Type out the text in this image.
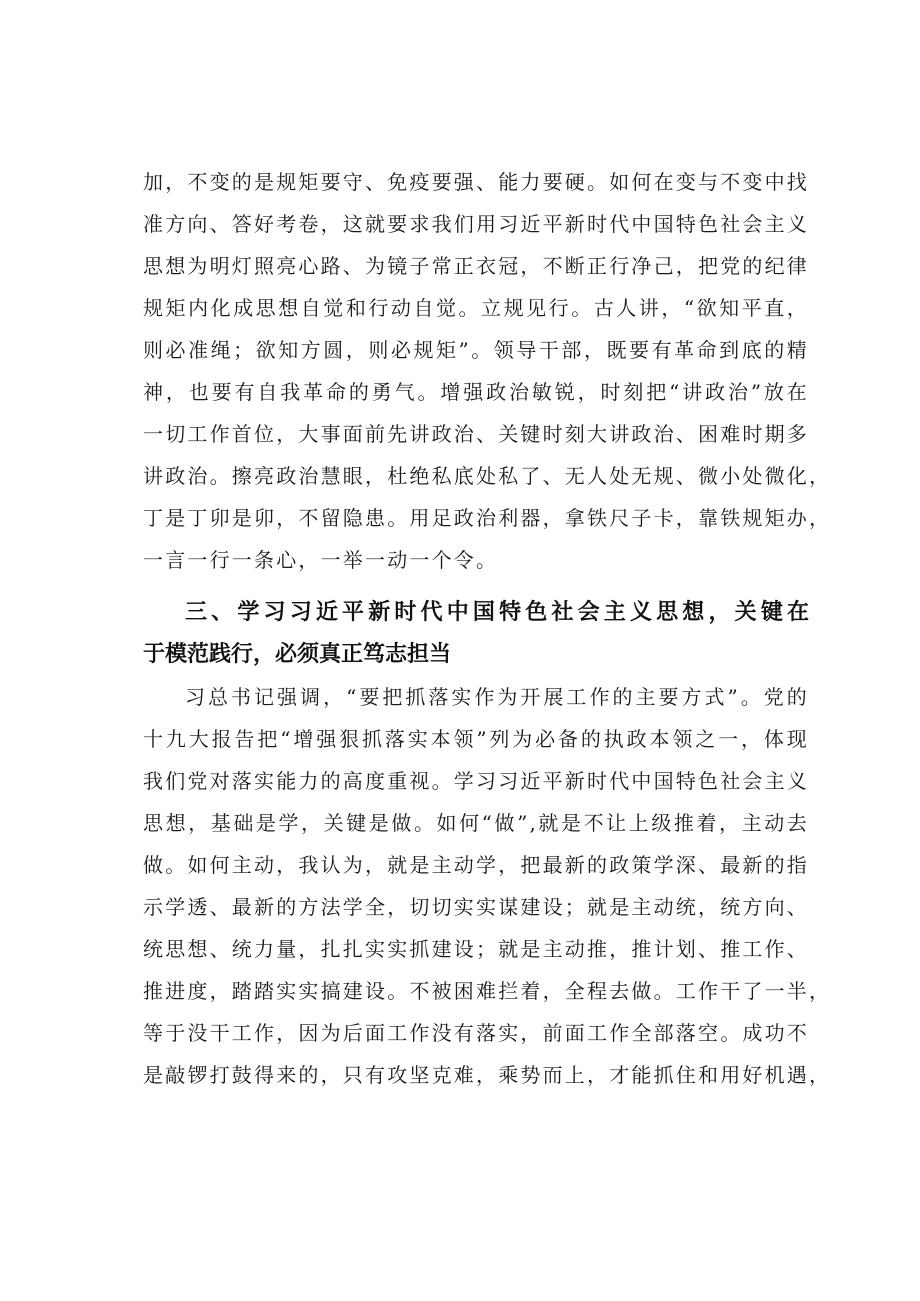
加，不变的是规矩要守、免疫要强、能力要硬。如何在变与不变中找
准方向、答好考卷，这就要求我们用习近平新时代中国特色社会主义
思想为明灯照亮心路、为镜子常正衣冠，不断正行净己，把党的纪律
规矩内化成思想自觉和行动自觉。立规见行。古人讲，“欲知平直，
则必准绳；欲知方圆，则必规矩”。领导干部，既要有革命到底的精
神，也要有自我革命的勇气。增强政治敏锐，时刻把“讲政治”放在
一切工作首位，大事面前先讲政治、关键时刻大讲政治、困难时期多
讲政治。擦亮政治慧眼，杜绝私底处私了、无人处无规、微小处微化，
丁是丁卯是卯，不留隐患。用足政治利器，拿铁尺子卡，靠铁规矩办，
一言一行一条心，一举一动一个令。
三、学习习近平新时代中国特色社会主义思想，关键在
于模范践行，必须真正笃志担当
习总书记强调，“要把抓落实作为开展工作的主要方式”。党的
十九大报告把“增强狠抓落实本领”列为必备的执政本领之一，体现
我们党对落实能力的高度重视。学习习近平新时代中国特色社会主义
思想，基础是学，关键是做。如何“做”,就是不让上级推着，主动去
做。如何主动，我认为，就是主动学，把最新的政策学深、最新的指
示学透、最新的方法学全，切切实实谋建设；就是主动统，统方向、
统思想、统力量，扎扎实实抓建设；就是主动推，推计划、推工作、
推进度，踏踏实实搞建设。不被困难拦着，全程去做。工作干了一半，
等于没干工作，因为后面工作没有落实，前面工作全部落空。成功不
是敲锣打鼓得来的，只有攻坚克难，乘势而上，才能抓住和用好机遇，
